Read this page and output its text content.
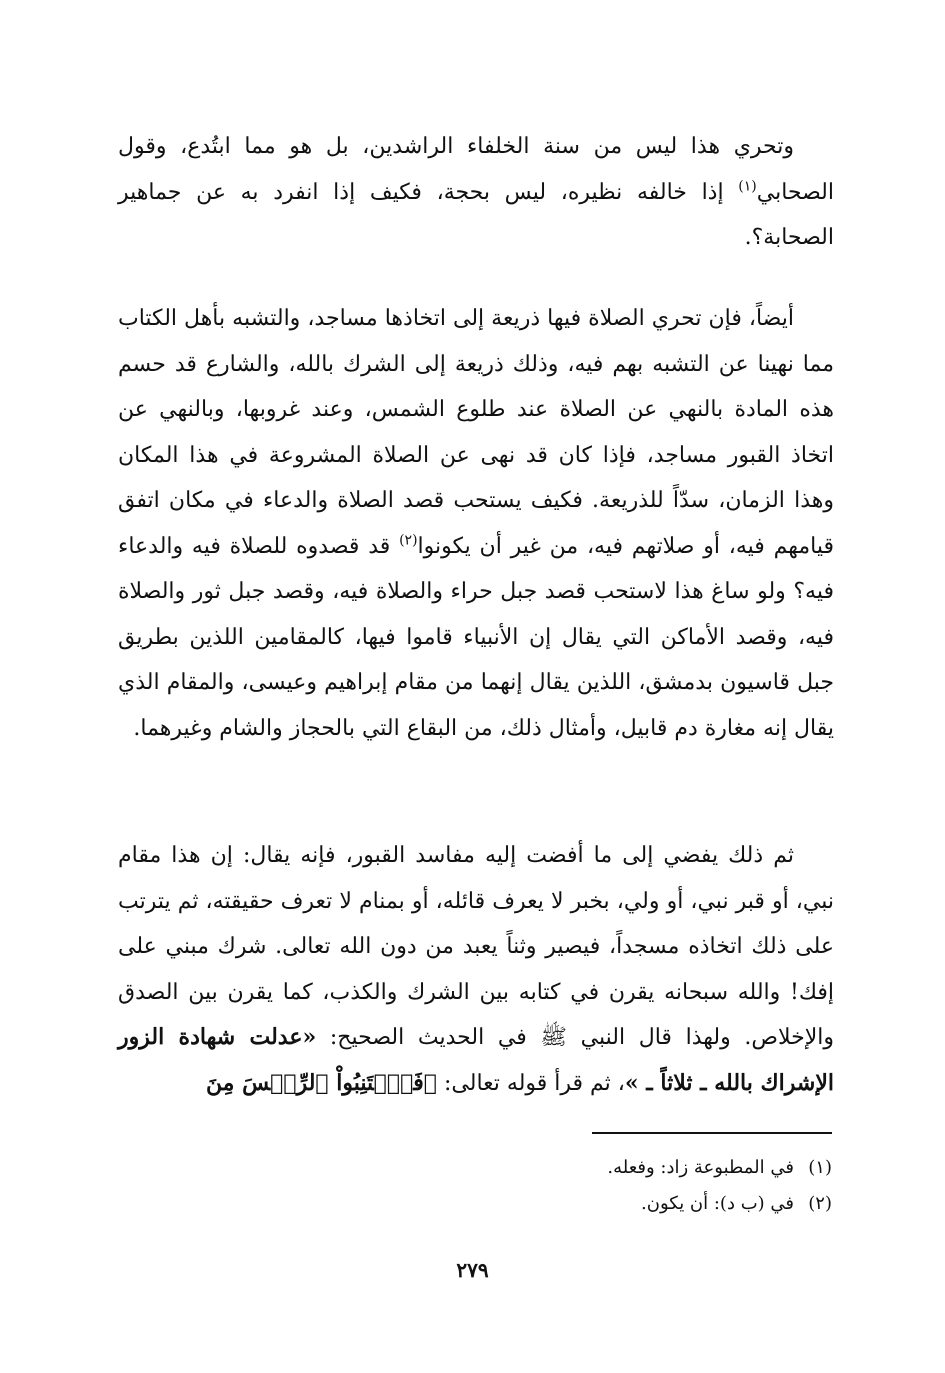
وتحري هذا ليس من سنة الخلفاء الراشدين، بل هو مما ابتُدع، وقول الصحابي$^{(١)}$ إذا خالفه نظيره، ليس بحجة، فكيف إذا انفرد به عن جماهير الصحابة؟.

أيضاً، فإن تحري الصلاة فيها ذريعة إلى اتخاذها مساجد، والتشبه بأهل الكتاب مما نهينا عن التشبه بهم فيه، وذلك ذريعة إلى الشرك بالله، والشارع قد حسم هذه المادة بالنهي عن الصلاة عند طلوع الشمس، وعند غروبها، وبالنهي عن اتخاذ القبور مساجد، فإذا كان قد نهى عن الصلاة المشروعة في هذا المكان وهذا الزمان، سدّاً للذريعة. فكيف يستحب قصد الصلاة والدعاء في مكان اتفق قيامهم فيه، أو صلاتهم فيه، من غير أن يكونوا$^{(٢)}$ قد قصدوه للصلاة فيه والدعاء فيه؟ ولو ساغ هذا لاستحب قصد جبل حراء والصلاة فيه، وقصد جبل ثور والصلاة فيه، وقصد الأماكن التي يقال إن الأنبياء قاموا فيها، كالمقامين اللذين بطريق جبل قاسيون بدمشق، اللذين يقال إنهما من مقام إبراهيم وعيسى، والمقام الذي يقال إنه مغارة دم قابيل، وأمثال ذلك، من البقاع التي بالحجاز والشام وغيرهما.

ثم ذلك يفضي إلى ما أفضت إليه مفاسد القبور، فإنه يقال: إن هذا مقام نبي، أو قبر نبي، أو ولي، بخبر لا يعرف قائله، أو بمنام لا تعرف حقيقته، ثم يترتب على ذلك اتخاذه مسجداً، فيصير وثناً يعبد من دون الله تعالى. شرك مبني على إفك! والله سبحانه يقرن في كتابه بين الشرك والكذب، كما يقرن بين الصدق والإخلاص. ولهذا قال النبي ﷺ في الحديث الصحيح: «عدلت شهادة الزور الإشراك بالله ـ ثلاثاً ـ »، ثم قرأ قوله تعالى: ﴿فَٱجۡتَنِبُواْ ٱلرِّجۡسَ مِنَ

(١)في المطبوعة زاد: وفعله.

(٢)في (ب د): أن يكون.

٢٧٩
